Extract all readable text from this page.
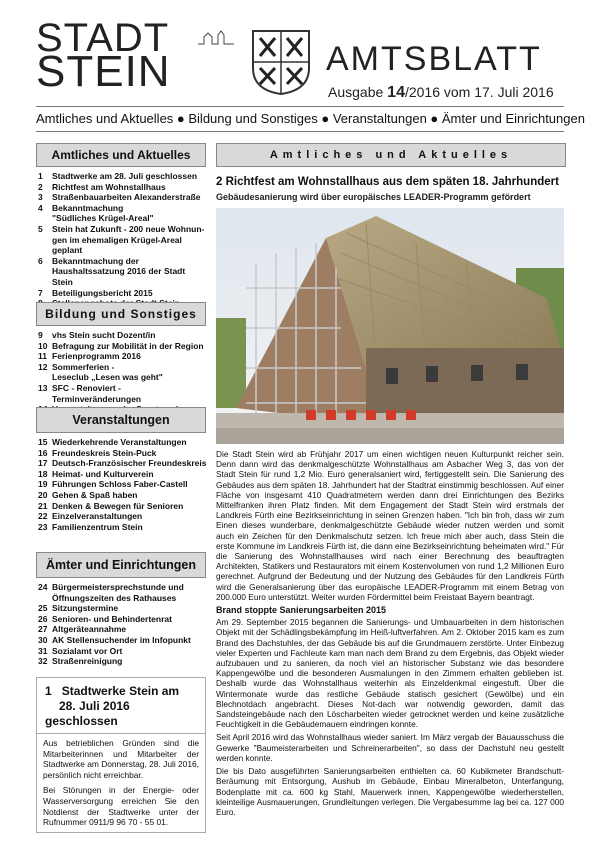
STADT
STEIN	AMTSBLATT
Ausgabe 14/2016 vom 17. Juli 2016
Amtliches und Aktuelles ● Bildung und Sonstiges ● Veranstaltungen ● Ämter und Einrichtungen
Amtliches und Aktuelles
1	Stadtwerke am 28. Juli geschlossen
2	Richtfest am Wohnstallhaus
3	Straßenbauarbeiten Alexanderstraße
4	Bekanntmachung
"Südliches Krügel-Areal"
5	Stein hat Zukunft - 200 neue Wohnun-
gen im ehemaligen Krügel-Areal geplant
6	Bekanntmachung der
Haushaltssatzung 2016 der Stadt Stein
7	Beteiligungsbericht 2015
Bildung und Sonstiges
9	vhs Stein sucht Dozent/in
10 Befragung zur Mobilität in der Region
11 Ferienprogramm 2016
12 Sommerferien -
Leseclub „Lesen was geht"
13 SFC - Renoviert - Terminveränderungen
Veranstaltungen
15 Wiederkehrende Veranstaltungen
16 Freundeskreis Stein-Puck
17 Deutsch-Französischer Freundeskreis
18 Heimat- und Kulturverein
19 Führungen Schloss Faber-Castell
20 Gehen & Spaß haben
21 Denken & Bewegen für Senioren
22 Einzelveranstaltungen
23 Familienzentrum Stein
Ämter und Einrichtungen
24 Bürgermeistersprechstunde und
Öffnungszeiten des Rathauses
25 Sitzungstermine
26 Senioren- und Behindertenrat
27 Altgeräteannahme
30 AK Stellensuchender im Infopunkt
31 Sozialamt vor Ort
32 Straßenreinigung
1 Stadtwerke Stein am
28. Juli 2016 geschlossen

Aus betrieblichen Gründen sind die Mitarbeiterinnen und Mitarbeiter der Stadtwerke am Donnerstag, 28. Juli 2016, persönlich nicht erreichbar.

Bei Störungen in der Energie- oder Wasserversorgung erreichen Sie den Notdienst der Stadtwerke unter der Rufnummer 0911/9 96 70 - 55 01.

Amtliches und Aktuelles
2 Richtfest am Wohnstallhaus aus dem späten 18. Jahrhundert
Gebäudesanierung wird über europäisches LEADER-Programm gefördert

Die Stadt Stein wird ab Frühjahr 2017 um einen wichtigen neuen Kulturpunkt reicher sein. Denn dann wird das denkmalgeschützte Wohnstallhaus am Asbacher Weg 3, das von der Stadt Stein für rund 1,2 Mio. Euro generalsaniert wird, fertiggestellt sein. Die Sanierung des Gebäudes aus dem späten 18. Jahrhundert hat der Stadtrat einstimmig beschlossen. Auf einer Fläche von insgesamt 410 Quadratmetern werden dann drei Einrichtungen des Bezirks Mittelfranken ihren Platz finden. Mit dem Engagement der Stadt Stein wird erstmals der Landkreis Fürth eine Bezirkseinrichtung in seinen Grenzen haben. "Ich bin froh, dass wir zum Einen dieses wunderbare, denkmalgeschützte Gebäude wieder nutzen werden und somit auch ein Zeichen für den Denkmalschutz setzen. Ich freue mich aber auch, dass Stein die erste Kommune im Landkreis Fürth ist, die dann eine Bezirkseinrichtung beheimaten wird." Für die Sanierung des Wohnstallhauses wird nach einer Berechnung des beauftragten Architekten, Statikers und Restaurators mit einem Kostenvolumen von rund 1,2 Millionen Euro gerechnet. Aufgrund der Bedeutung und der Nutzung des Gebäudes für den Landkreis Fürth wird die Generalsanierung über das europäische LEADER-Programm mit einem Betrag von 200.000 Euro unterstützt. Weiter wurden Fördermittel beim Freistaat Bayern beantragt.

Brand stoppte Sanierungsarbeiten 2015

Am 29. September 2015 begannen die Sanierungs- und Umbauarbeiten in dem historischen Objekt mit der Schädlingsbekämpfung im Heiß-luftverfahren. Am 2. Oktober 2015 kam es zum Brand des Dachstuhles, der das Gebäude bis auf die Grundmauern zerstörte. Unter Einbezug vieler Experten und Fachleute kam man nach dem Brand zu dem Ergebnis, das Objekt wieder aufzubauen und zu sanieren, da noch viel an historischer Substanz wie das besondere Kappengewölbe und die besonderen Ausmalungen in den Zimmern erhalten geblieben ist. Deshalb wurde das Wohnstallhaus weiterhin als Einzeldenkmal eingestuft. Über die Wintermonate wurde das restliche Gebäude statisch gesichert (Gewölbe) und ein Blechnotdach angebracht. Dieses Not-dach war notwendig geworden, damit das Sandsteingebäude nach den Löscharbeiten wieder getrocknet werden und keine zusätzliche Feuchtigkeit in die Gebäudemauern eindringen konnte.

Seit April 2016 wird das Wohnstallhaus wieder saniert. Im März vergab der Bauausschuss die Gewerke "Baumeisterarbeiten und Schreinerarbeiten", so dass der Dachstuhl neu gestellt werden konnte.

Die bis Dato ausgeführten Sanierungsarbeiten enthielten ca. 60 Kubikmeter Brandschutt-Beräumung mit Entsorgung, Aushub im Gebäude, Einbau Mineralbeton, Unterfangung, Bodenplatte mit ca. 600 kg Stahl, Mauerwerk innen, Kappengewölbe wiederherstellen, kleinteilige Ausmauerungen, Grundleitungen verlegen. Die Vergabesumme lag bei ca. 127 000 Euro.
